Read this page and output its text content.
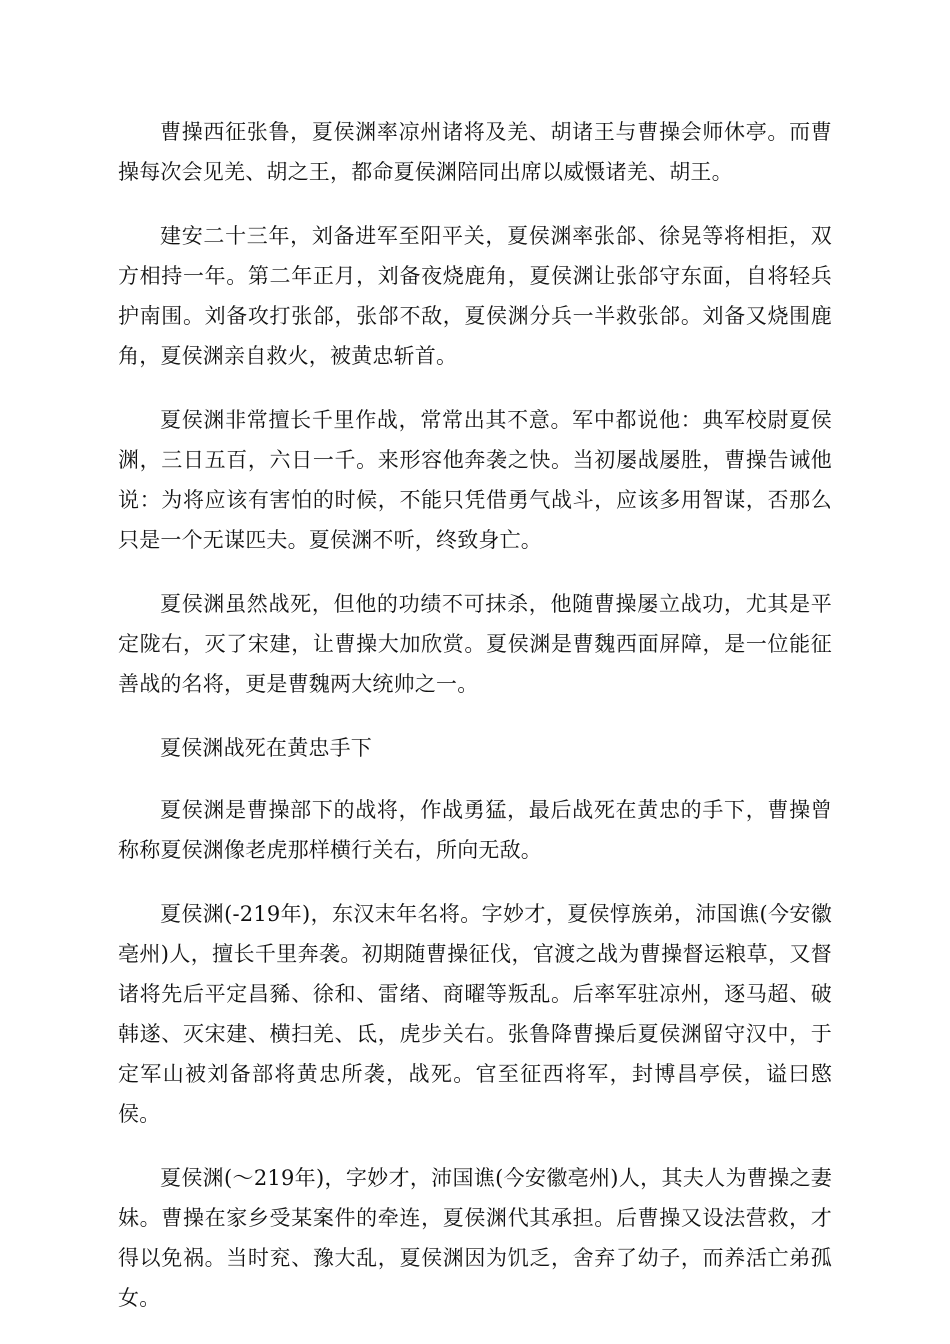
曹操西征张鲁，夏侯渊率凉州诸将及羌、胡诸王与曹操会师休亭。而曹操每次会见羌、胡之王，都命夏侯渊陪同出席以威慑诸羌、胡王。

建安二十三年，刘备进军至阳平关，夏侯渊率张郃、徐晃等将相拒，双方相持一年。第二年正月，刘备夜烧鹿角，夏侯渊让张郃守东面，自将轻兵护南围。刘备攻打张郃，张郃不敌，夏侯渊分兵一半救张郃。刘备又烧围鹿角，夏侯渊亲自救火，被黄忠斩首。

夏侯渊非常擅长千里作战，常常出其不意。军中都说他：典军校尉夏侯渊，三日五百，六日一千。来形容他奔袭之快。当初屡战屡胜，曹操告诫他说：为将应该有害怕的时候，不能只凭借勇气战斗，应该多用智谋，否那么只是一个无谋匹夫。夏侯渊不听，终致身亡。

夏侯渊虽然战死，但他的功绩不可抹杀，他随曹操屡立战功，尤其是平定陇右，灭了宋建，让曹操大加欣赏。夏侯渊是曹魏西面屏障，是一位能征善战的名将，更是曹魏两大统帅之一。

夏侯渊战死在黄忠手下

夏侯渊是曹操部下的战将，作战勇猛，最后战死在黄忠的手下，曹操曾称称夏侯渊像老虎那样横行关右，所向无敌。

夏侯渊(-219年)，东汉末年名将。字妙才，夏侯惇族弟，沛国谯(今安徽亳州)人，擅长千里奔袭。初期随曹操征伐，官渡之战为曹操督运粮草，又督诸将先后平定昌豨、徐和、雷绪、商曜等叛乱。后率军驻凉州，逐马超、破韩遂、灭宋建、横扫羌、氐，虎步关右。张鲁降曹操后夏侯渊留守汉中，于定军山被刘备部将黄忠所袭，战死。官至征西将军，封博昌亭侯，谥曰愍侯。

夏侯渊(～219年)，字妙才，沛国谯(今安徽亳州)人，其夫人为曹操之妻妹。曹操在家乡受某案件的牵连，夏侯渊代其承担。后曹操又设法营救，才得以免祸。当时兖、豫大乱，夏侯渊因为饥乏，舍弃了幼子，而养活亡弟孤女。
